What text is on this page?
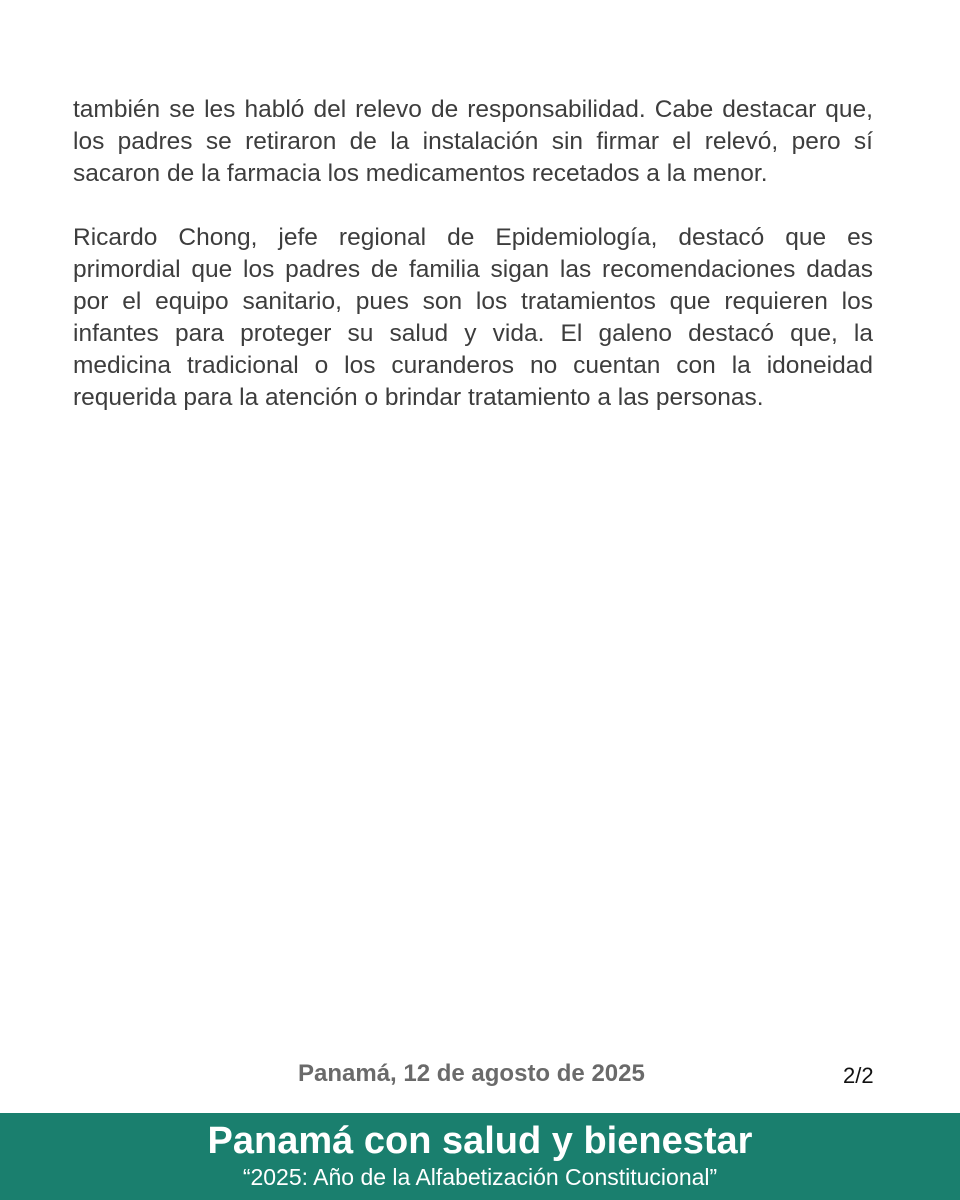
también se les habló del relevo de responsabilidad. Cabe destacar que, los padres se retiraron de la instalación sin firmar el relevó, pero sí sacaron de la farmacia los medicamentos recetados a la menor.

Ricardo Chong, jefe regional de Epidemiología, destacó que es primordial que los padres de familia sigan las recomendaciones dadas por el equipo sanitario, pues son los tratamientos que requieren los infantes para proteger su salud y vida. El galeno destacó que, la medicina tradicional o los curanderos no cuentan con la idoneidad requerida para la atención o brindar tratamiento a las personas.

Panamá, 12 de agosto de 2025	2/2
Panamá con salud y bienestar
“2025: Año de la Alfabetización Constitucional”
